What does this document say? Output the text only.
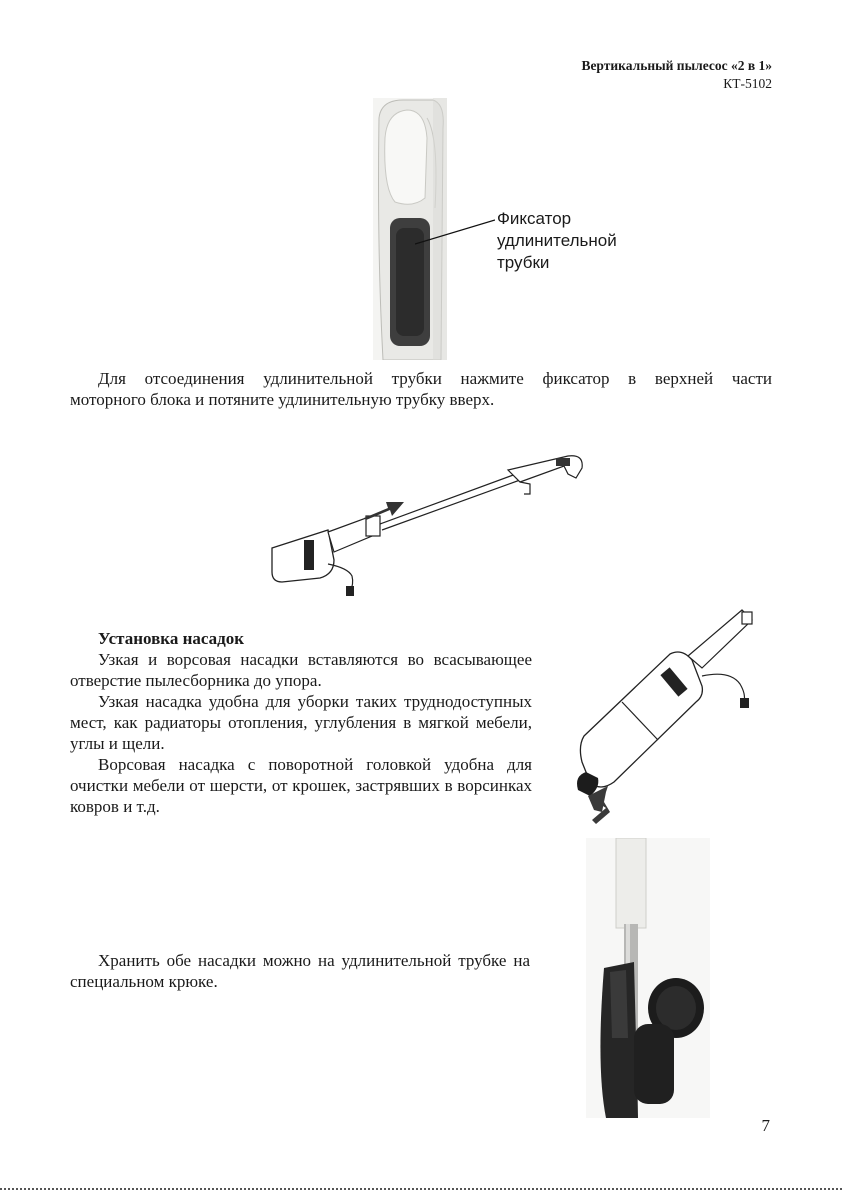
Вертикальный пылесос «2 в 1»
КТ-5102
Фиксатор
удлинительной
трубки
Для отсоединения удлинительной трубки нажмите фиксатор в верхней части
моторного блока и потяните удлинительную трубку вверх.
Установка насадок

Узкая и ворсовая насадки вставляются во всасывающее отверстие пылесборника до упора.

Узкая насадка удобна для уборки таких труднодоступных мест, как радиаторы отопления, углубления в мягкой мебели, углы и щели.

Ворсовая насадка с поворотной головкой удобна для очистки мебели от шерсти, от крошек, застрявших в ворсинках ковров и т.д.

Хранить обе насадки можно на удлинительной трубке на специальном крюке.
7
